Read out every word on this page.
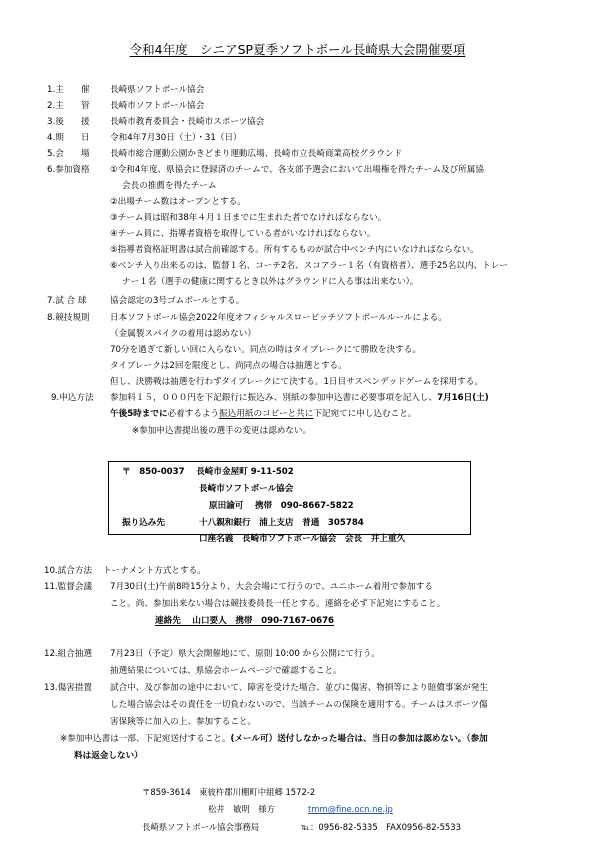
令和4年度　シニアSP夏季ソフトボール長崎県大会開催要項
1.主　　催 長崎県ソフトボール協会
2.主　　管 長崎市ソフトボール協会
3.後　　援 長崎市教育委員会・長崎市スポーツ協会
4.期　　日 令和4年7月30日（土）・31（日）
5.会　　場 長崎市総合運動公園かきどまり運動広場、長崎市立長崎商業高校グラウンド
6.参加資格 ①令和4年度、県協会に登録済のチームで、各支部予選会において出場権を得たチーム及び所属協
会長の推薦を得たチーム
②出場チーム数はオープンとする。
③チーム員は昭和38年４月１日までに生まれた者でなければならない。
④チーム員に、指導者資格を取得している者がいなければならない。
⑤指導者資格証明書は試合前確認する。所有するものが試合中ベンチ内にいなければならない。
⑥ベンチ入り出来るのは、監督１名、コーチ2名、スコアラー１名（有資格者）、選手25名以内、トレー
ナー１名（選手の健康に関するとき以外はグラウンドに入る事は出来ない）。
7.試 合 球	協会認定の3号ゴムボールとする。
8.競技規則 日本ソフトボール協会2022年度オフィシャルスローピッチソフトボールルールによる。
（金属製スパイクの着用は認めない）
70分を過ぎて新しい回に入らない。同点の時はタイブレークにて勝敗を決する。
タイブレークは2回を限度とし、尚同点の場合は抽選とする。
但し、決勝戦は抽選を行わずタイブレークにて決する。1日目サスペンデッドゲームを採用する。
9.申込方法 参加料１５，０００円を下記銀行に振込み、別紙の参加申込書に必要事項を記入し、7月16日(土)
午後5時までに必着するよう振込用紙のコピーと共に下記宛てに申し込むこと。
※参加申込書提出後の選手の変更は認めない。
〒　850-0037　 長崎市金屋町 9-11-502
長崎市ソフトボール協会
原田諭可　 携帯　090-8667-5822
振り込み先	十八親和銀行　浦上支店　普通　305784
口座名義　長崎市ソフトボール協会　会長　井上重久
10.試合方法 トーナメント方式とする。
11.監督会議 7月30日(土)午前8時15分より、大会会場にて行うので、ユニホーム着用で参加する
こと。尚、参加出来ない場合は競技委員長一任とする。連絡を必ず下記宛にすること。
連絡先　 山口要人　携帯　090-7167-0676
12.組合抽選 7月23日（予定）県大会開催地にて、原則 10:00 から公開にて行う。
抽選結果については、県協会ホームページで確認すること。
13.傷害措置 試合中、及び参加の途中において、障害を受けた場合、並びに傷害、物損等により賠償事案が発生
した場合協会はその責任を一切負わないので、当該チームの保険を適用する。チームはスポーツ傷
害保険等に加入の上、参加すること。
※参加申込書は一部、下記宛送付すること。(メール可）送付しなかった場合は、当日の参加は認めない。（参加
料は返金しない）
〒859-3614　東彼杵郡川棚町中組郷 1572-2
松井　敏明　様方	tmm@fine.ocn.ne.jp
長崎県ソフトボール協会事務局	℡：0956-82-5335　FAX0956-82-5533
